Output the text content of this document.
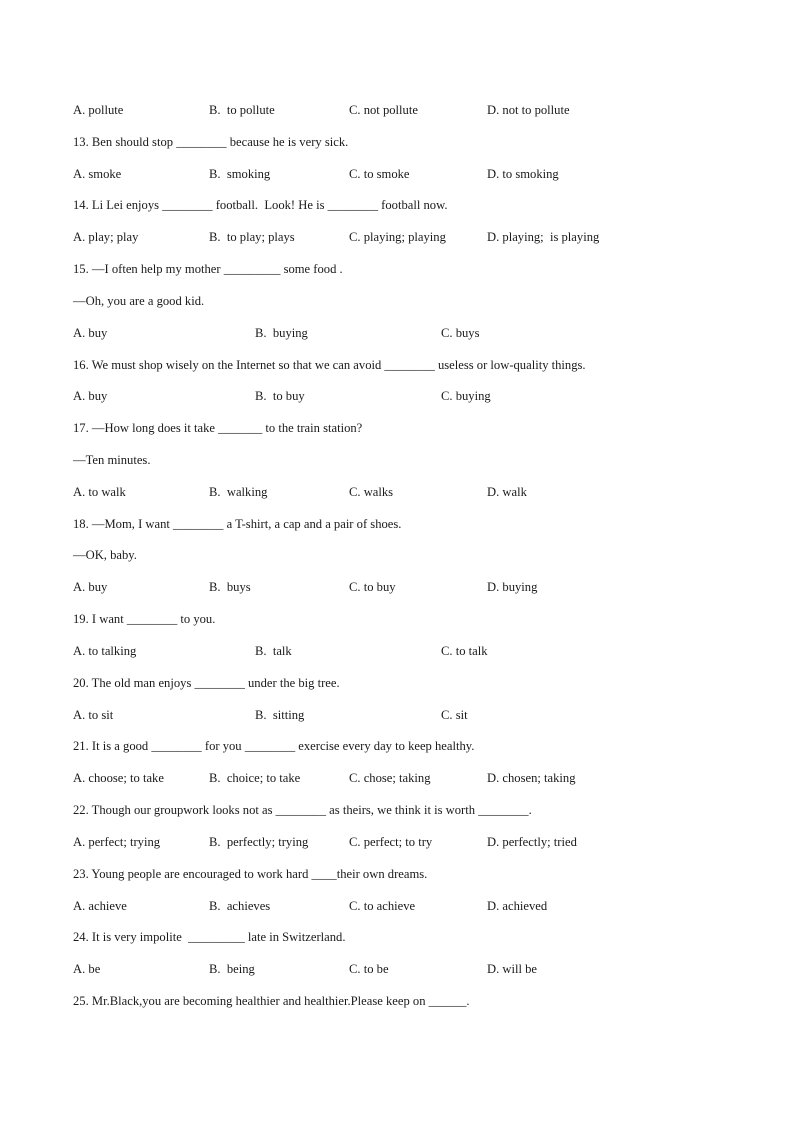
A. pollute	B.  to pollute	C. not pollute	D. not to pollute
13. Ben should stop ________ because he is very sick.
A. smoke	B.  smoking	C. to smoke	D. to smoking
14. Li Lei enjoys ________ football.  Look! He is ________ football now.
A. play; play	B.  to play; plays	C. playing; playing	D. playing;  is playing
15. —I often help my mother _________ some food .
—Oh, you are a good kid.
A. buy	B.  buying	C. buys
16. We must shop wisely on the Internet so that we can avoid ________ useless or low-quality things.
A. buy	B.  to buy	C. buying
17. —How long does it take _______ to the train station?
—Ten minutes.
A. to walk	B.  walking	C. walks	D. walk
18. —Mom, I want ________ a T-shirt, a cap and a pair of shoes.
—OK, baby.
A. buy	B.  buys	C. to buy	D. buying
19. I want ________ to you.
A. to talking	B.  talk	C. to talk
20. The old man enjoys ________ under the big tree.
A. to sit	B.  sitting	C. sit
21. It is a good ________ for you ________ exercise every day to keep healthy.
A. choose; to take	B.  choice; to take	C. chose; taking	D. chosen; taking
22. Though our groupwork looks not as ________ as theirs, we think it is worth ________.
A. perfect; trying	B.  perfectly; trying	C. perfect; to try	D. perfectly; tried
23. Young people are encouraged to work hard ____their own dreams.
A. achieve	B.  achieves	C. to achieve	D. achieved
24. It is very impolite  _________ late in Switzerland.
A. be	B.  being	C. to be	D. will be
25. Mr.Black,you are becoming healthier and healthier.Please keep on ______.
